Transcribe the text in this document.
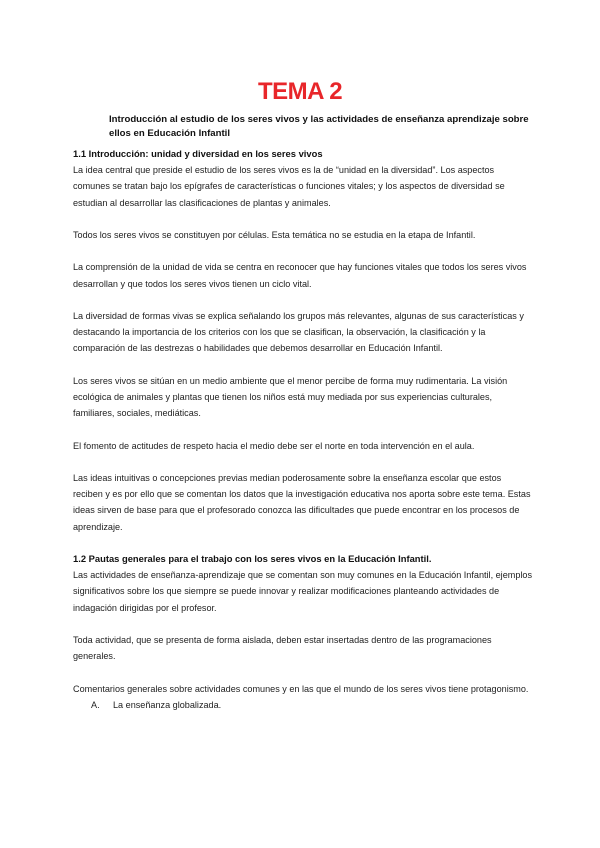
TEMA 2
Introducción al estudio de los seres vivos y las actividades de enseñanza aprendizaje sobre ellos en Educación Infantil
1.1 Introducción: unidad y diversidad en los seres vivos

La idea central que preside el estudio de los seres vivos es la de “unidad en la diversidad”. Los aspectos comunes se tratan bajo los epígrafes de características o funciones vitales; y los aspectos de diversidad se estudian al desarrollar las clasificaciones de plantas y animales.

Todos los seres vivos se constituyen por células. Esta temática no se estudia en la etapa de Infantil.

La comprensión de la unidad de vida se centra en reconocer que hay funciones vitales que todos los seres vivos desarrollan y que todos los seres vivos tienen un ciclo vital.

La diversidad de formas vivas se explica señalando los grupos más relevantes, algunas de sus características y destacando la importancia de los criterios con los que se clasifican, la observación, la clasificación y la comparación de las destrezas o habilidades que debemos desarrollar en Educación Infantil.

Los seres vivos se sitúan en un medio ambiente que el menor percibe de forma muy rudimentaria. La visión ecológica de animales y plantas que tienen los niños está muy mediada por sus experiencias culturales, familiares, sociales, mediáticas.

El fomento de actitudes de respeto hacia el medio debe ser el norte en toda intervención en el aula.

Las ideas intuitivas o concepciones previas median poderosamente sobre la enseñanza escolar que estos reciben y es por ello que se comentan los datos que la investigación educativa nos aporta sobre este tema. Estas ideas sirven de base para que el profesorado conozca las dificultades que puede encontrar en los procesos de aprendizaje.

1.2 Pautas generales para el trabajo con los seres vivos en la Educación Infantil.

Las actividades de enseñanza-aprendizaje que se comentan son muy comunes en la Educación Infantil, ejemplos significativos sobre los que siempre se puede innovar y realizar modificaciones planteando actividades de indagación dirigidas por el profesor.

Toda actividad, que se presenta de forma aislada, deben estar insertadas dentro de las programaciones generales.

Comentarios generales sobre actividades comunes y en las que el mundo de los seres vivos tiene protagonismo.

A.	La enseñanza globalizada.
